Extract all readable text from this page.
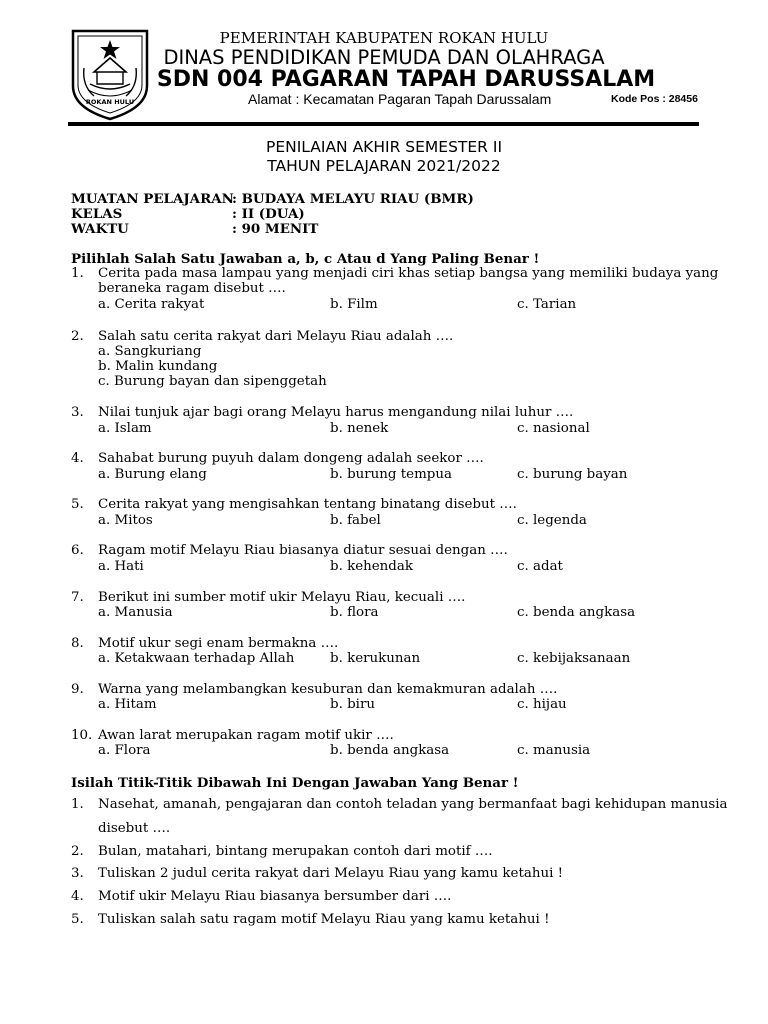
ROKAN HULU
PEMERINTAH KABUPATEN ROKAN HULU
DINAS PENDIDIKAN PEMUDA DAN OLAHRAGA
SDN 004 PAGARAN TAPAH DARUSSALAM
Alamat : Kecamatan Pagaran Tapah Darussalam	Kode Pos : 28456
PENILAIAN AKHIR SEMESTER II
TAHUN PELAJARAN 2021/2022
MUATAN PELAJARAN
: BUDAYA MELAYU RIAU (BMR)
KELAS	: II (DUA)
WAKTU	: 90 MENIT
Pilihlah Salah Satu Jawaban a, b, c Atau d Yang Paling Benar !
1. Cerita pada masa lampau yang menjadi ciri khas setiap bangsa yang memiliki budaya yang
beraneka ragam disebut ….
a. Cerita rakyat	b. Film	c. Tarian
2. Salah satu cerita rakyat dari Melayu Riau adalah ….
a. Sangkuriang
b. Malin kundang
c. Burung bayan dan sipenggetah
3. Nilai tunjuk ajar bagi orang Melayu harus mengandung nilai luhur ….
a. Islam	b. nenek	c. nasional
4. Sahabat burung puyuh dalam dongeng adalah seekor ….
a. Burung elang	b. burung tempua	c. burung bayan
5. Cerita rakyat yang mengisahkan tentang binatang disebut ….
a. Mitos	b. fabel	c. legenda
6. Ragam motif Melayu Riau biasanya diatur sesuai dengan ….
a. Hati	b. kehendak	c. adat
7. Berikut ini sumber motif ukir Melayu Riau, kecuali ….
a. Manusia	b. flora	c. benda angkasa
8. Motif ukur segi enam bermakna ….
a. Ketakwaan terhadap Allah	b. kerukunan	c. kebijaksanaan
9. Warna yang melambangkan kesuburan dan kemakmuran adalah ….
a. Hitam	b. biru	c. hijau
10. Awan larat merupakan ragam motif ukir ….
a. Flora	b. benda angkasa	c. manusia
Isilah Titik-Titik Dibawah Ini Dengan Jawaban Yang Benar !
1. Nasehat, amanah, pengajaran dan contoh teladan yang bermanfaat bagi kehidupan manusia
disebut ….
2. Bulan, matahari, bintang merupakan contoh dari motif ….
3. Tuliskan 2 judul cerita rakyat dari Melayu Riau yang kamu ketahui !
4. Motif ukir Melayu Riau biasanya bersumber dari ….
5. Tuliskan salah satu ragam motif Melayu Riau yang kamu ketahui !
